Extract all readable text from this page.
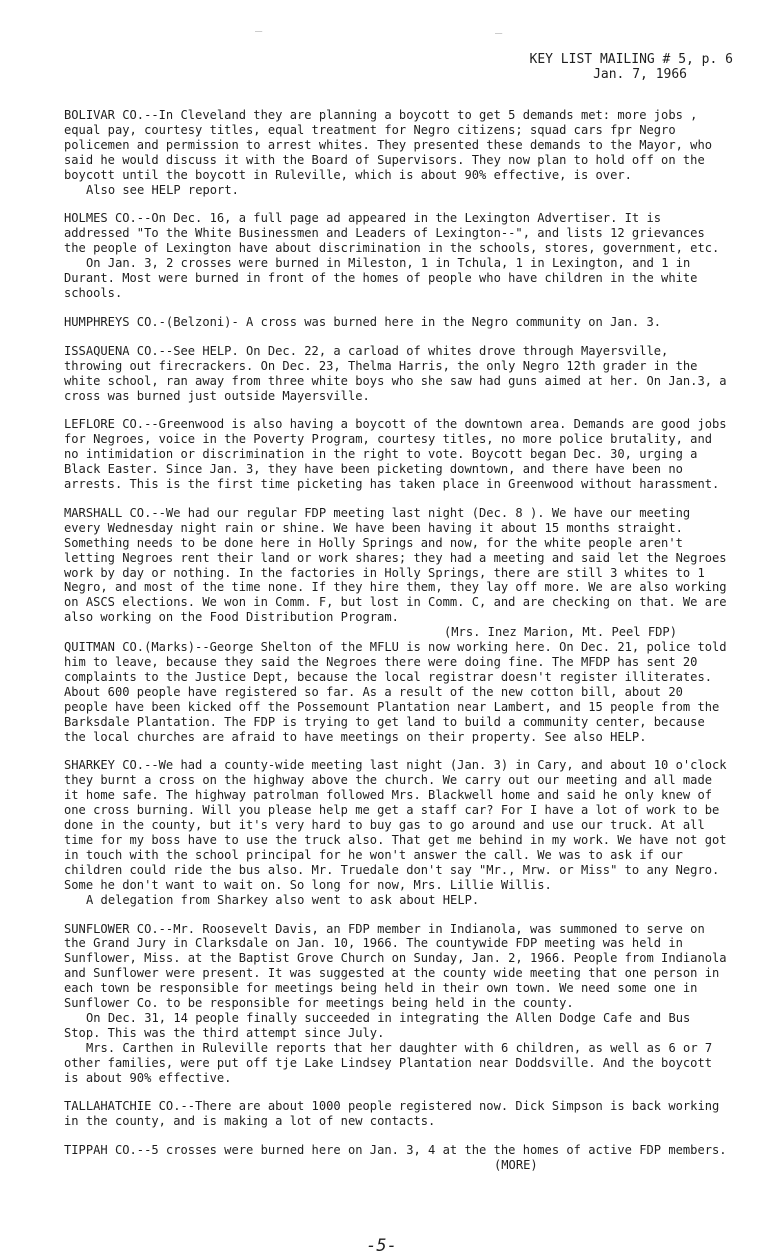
KEY LIST MAILING # 5, p. 6
Jan. 7, 1966

BOLIVAR CO.--In Cleveland they are planning a boycott to get 5 demands met: more jobs , equal pay, courtesy titles, equal treatment for Negro citizens; squad cars fpr Negro policemen and permission to arrest whites. They presented these demands to the Mayor, who said he would discuss it with the Board of Supervisors. They now plan to hold off on the boycott until the boycott in Ruleville, which is about 90% effective, is over.

Also see HELP report.

HOLMES CO.--On Dec. 16, a full page ad appeared in the Lexington Advertiser. It is addressed "To the White Businessmen and Leaders of Lexington--", and lists 12 grievances the people of Lexington have about discrimination in the schools, stores, government, etc.

On Jan. 3, 2 crosses were burned in Mileston, 1 in Tchula, 1 in Lexington, and 1 in Durant. Most were burned in front of the homes of people who have children in the white schools.

HUMPHREYS CO.-(Belzoni)- A cross was burned here in the Negro community on Jan. 3.

ISSAQUENA CO.--See HELP. On Dec. 22, a carload of whites drove through Mayersville, throwing out firecrackers. On Dec. 23, Thelma Harris, the only Negro 12th grader in the white school, ran away from three white boys who she saw had guns aimed at her. On Jan.3, a cross was burned just outside Mayersville.

LEFLORE CO.--Greenwood is also having a boycott of the downtown area. Demands are good jobs for Negroes, voice in the Poverty Program, courtesy titles, no more police brutality, and no intimidation or discrimination in the right to vote. Boycott began Dec. 30, urging a Black Easter. Since Jan. 3, they have been picketing downtown, and there have been no arrests. This is the first time picketing has taken place in Greenwood without harassment.

MARSHALL CO.--We had our regular FDP meeting last night (Dec. 8 ). We have our meeting every Wednesday night rain or shine. We have been having it about 15 months straight. Something needs to be done here in Holly Springs and now, for the white people aren't letting Negroes rent their land or work shares; they had a meeting and said let the Negroes work by day or nothing. In the factories in Holly Springs, there are still 3 whites to 1 Negro, and most of the time none. If they hire them, they lay off more. We are also working on ASCS elections. We won in Comm. F, but lost in Comm. C, and are checking on that. We are also working on the Food Distribution Program.

(Mrs. Inez Marion, Mt. Peel FDP)

QUITMAN CO.(Marks)--George Shelton of the MFLU is now working here. On Dec. 21, police told him to leave, because they said the Negroes there were doing fine. The MFDP has sent 20 complaints to the Justice Dept, because the local registrar doesn't register illiterates. About 600 people have registered so far. As a result of the new cotton bill, about 20 people have been kicked off the Possemount Plantation near Lambert, and 15 people from the Barksdale Plantation. The FDP is trying to get land to build a community center, because the local churches are afraid to have meetings on their property. See also HELP.

SHARKEY CO.--We had a county-wide meeting last night (Jan. 3) in Cary, and about 10 o'clock they burnt a cross on the highway above the church. We carry out our meeting and all made it home safe. The highway patrolman followed Mrs. Blackwell home and said he only knew of one cross burning. Will you please help me get a staff car? For I have a lot of work to be done in the county, but it's very hard to buy gas to go around and use our truck. At all time for my boss have to use the truck also. That get me behind in my work. We have not got in touch with the school principal for he won't answer the call. We was to ask if our children could ride the bus also. Mr. Truedale don't say "Mr., Mrw. or Miss" to any Negro. Some he don't want to wait on. So long for now, Mrs. Lillie Willis.

A delegation from Sharkey also went to ask about HELP.

SUNFLOWER CO.--Mr. Roosevelt Davis, an FDP member in Indianola, was summoned to serve on the Grand Jury in Clarksdale on Jan. 10, 1966. The countywide FDP meeting was held in Sunflower, Miss. at the Baptist Grove Church on Sunday, Jan. 2, 1966. People from Indianola and Sunflower were present. It was suggested at the county wide meeting that one person in each town be responsible for meetings being held in their own town. We need some one in Sunflower Co. to be responsible for meetings being held in the county.

On Dec. 31, 14 people finally succeeded in integrating the Allen Dodge Cafe and Bus Stop. This was the third attempt since July.

Mrs. Carthen in Ruleville reports that her daughter with 6 children, as well as 6 or 7 other families, were put off tje Lake Lindsey Plantation near Doddsville. And the boycott is about 90% effective.

TALLAHATCHIE CO.--There are about 1000 people registered now. Dick Simpson is back working in the county, and is making a lot of new contacts.

TIPPAH CO.--5 crosses were burned here on Jan. 3, 4 at the the homes of active FDP members.

(MORE)

-5-
‾	‾
